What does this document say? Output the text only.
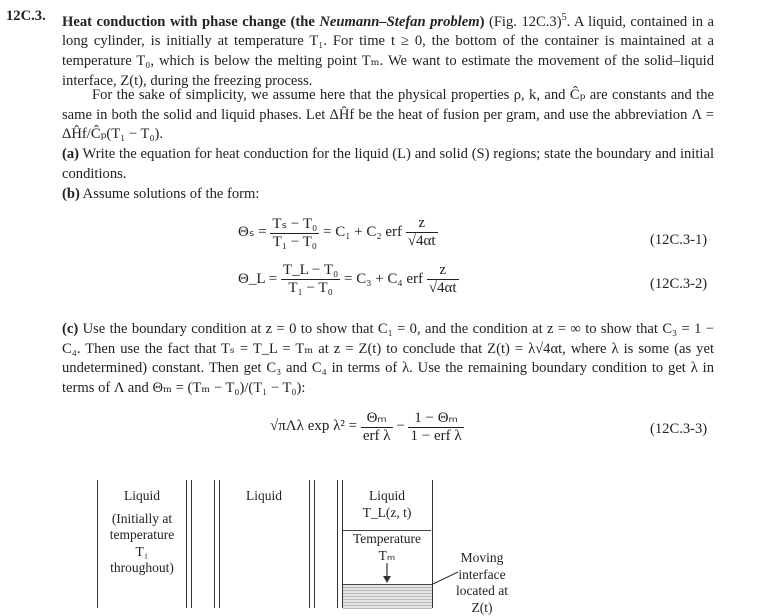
12C.3. Heat conduction with phase change (the Neumann–Stefan problem) (Fig. 12C.3)$^5$. A liquid, contained in a long cylinder, is initially at temperature T₁. For time t ≥ 0, the bottom of the container is maintained at a temperature T₀, which is below the melting point Tₘ. We want to estimate the movement of the solid–liquid interface, Z(t), during the freezing process.
For the sake of simplicity, we assume here that the physical properties ρ, k, and Ĉₚ are constants and the same in both the solid and liquid phases. Let ΔĤf be the heat of fusion per gram, and use the abbreviation Λ = ΔĤf/Ĉₚ(T₁ − T₀).
(a) Write the equation for heat conduction for the liquid (L) and solid (S) regions; state the boundary and initial conditions.
(b) Assume solutions of the form:
$\Theta_s = \frac{\text{Tₛ − T₀}}{\text{T₁ − T₀}} = C_1 + C_2$ erf $\frac{z}{√4\alpha t}$	(12C.3-1)
Θ_L = $\frac{\text{T\_L − T₀}}{\text{T₁ − T₀}} = C_3 + C_4$ erf $\frac{z}{√4\alpha t}$	(12C.3-2)
(c) Use the boundary condition at z = 0 to show that C₁ = 0, and the condition at z = ∞ to show that C₃ = 1 − C₄. Then use the fact that Tₛ = T_L = Tₘ at z = Z(t) to conclude that Z(t) = λ√4αt, where λ is some (as yet undetermined) constant. Then get C₃ and C₄ in terms of λ. Use the remaining boundary condition to get λ in terms of Λ and Θₘ = (Tₘ − T₀)/(T₁ − T₀):
√πΛλ $\exp \lambda^2 = \frac{\text{Θₘ}}{\text{erf λ}} - \frac{\text{1 − Θₘ}}{\text{1 − erf λ}}$	(12C.3-3)
Liquid
(Initially at
temperature
T₁
throughout)
Liquid	Liquid
T_L(z, t)
Temperature
Tₘ	Moving
interface
located at
Z(t)
